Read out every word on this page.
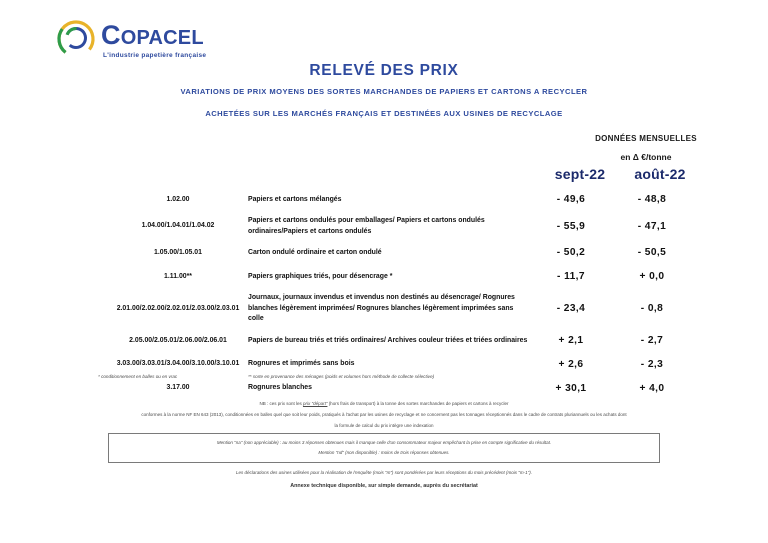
COPACEL
L'industrie papetière française
RELEVÉ DES PRIX
VARIATIONS DE PRIX MOYENS DES SORTES MARCHANDES DE PAPIERS ET CARTONS A RECYCLER
ACHETÉES SUR LES MARCHÉS FRANÇAIS ET DESTINÉES AUX USINES DE RECYCLAGE
DONNÉES MENSUELLES
en Δ €/tonne
sept-22	août-22
1.02.00	Papiers et cartons mélangés	- 49,6	- 48,8
1.04.00/1.04.01/1.04.02	Papiers et cartons ondulés pour emballages/ Papiers et cartons ondulés ordinaires/Papiers et cartons ondulés	- 55,9	- 47,1
1.05.00/1.05.01	Carton ondulé ordinaire et carton ondulé	- 50,2	- 50,5
1.11.00**	Papiers graphiques triés, pour désencrage *	- 11,7	+ 0,0
2.01.00/2.02.00/2.02.01/2.03.00/2.03.01	Journaux, journaux invendus et invendus non destinés au désencrage/ Rognures blanches légèrement imprimées/ Rognures blanches légèrement imprimées sans colle	- 23,4	- 0,8
2.05.00/2.05.01/2.06.00/2.06.01	Papiers de bureau triés et triés ordinaires/ Archives couleur triées et triées ordinaires	+ 2,1	- 2,7
3.03.00/3.03.01/3.04.00/3.10.00/3.10.01	Rognures et imprimés sans bois	+ 2,6	- 2,3
3.17.00	Rognures blanches	+ 30,1	+ 4,0
* conditionnement en balles ou en vrac	** sorte en provenance des ménages (poids et volumes hors méthode de collecte sélective)
NB : ces prix sont les prix "départ" (hors frais de transport) à la tonne des sortes marchandes de papiers et cartons à recycler
conformes à la norme NF EN 643 (2013), conditionnées en balles quel que soit leur poids, pratiqués à l'achat par les usines de recyclage et ne concernent pas les tonnages réceptionnés dans le cadre de contrats pluriannuels ou les achats dont
la formule de calcul du prix intègre une indexation
Mention "na" (non appréciable) : au moins 3 réponses obtenues mais il manque celle d'un consommateur majeur empêchant la prise en compte significative du résultat.
Mention "nd" (non disponible) : moins de trois réponses obtenues.
Les déclarations des usines utilisées pour la réalisation de l'enquête (mois "m") sont pondérées par leurs réceptions du mois précédent (mois "m-1").
Annexe technique disponible, sur simple demande, auprès du secrétariat
